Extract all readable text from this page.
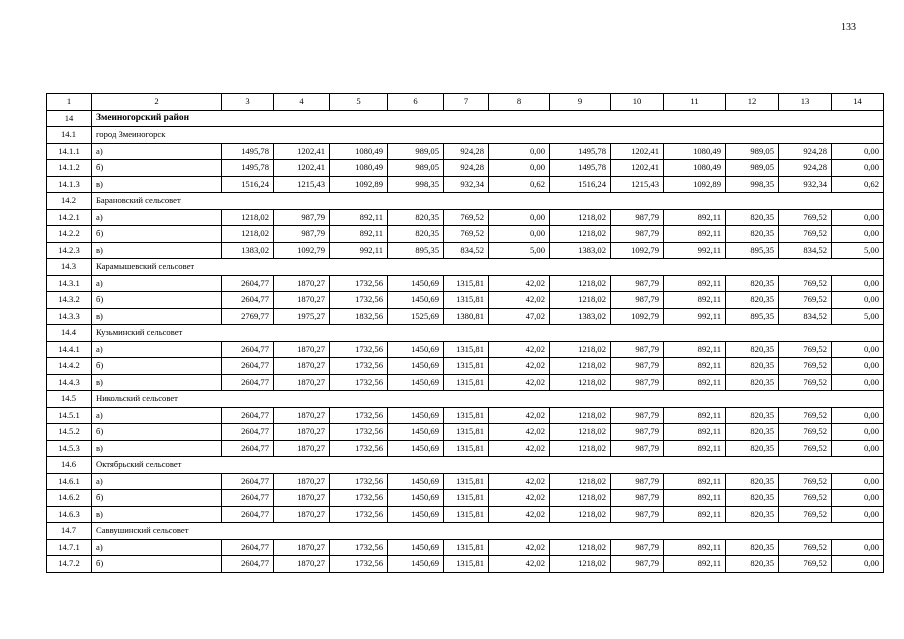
133
1	2	3	4	5	6	7	8	9	10	11	12	13	14
14	Змеиногорский район												
14.1	город Змеиногорск												
14.1.1	а)	1495,78	1202,41	1080,49	989,05	924,28	0,00	1495,78	1202,41	1080,49	989,05	924,28	0,00
14.1.2	б)	1495,78	1202,41	1080,49	989,05	924,28	0,00	1495,78	1202,41	1080,49	989,05	924,28	0,00
14.1.3	в)	1516,24	1215,43	1092,89	998,35	932,34	0,62	1516,24	1215,43	1092,89	998,35	932,34	0,62
14.2	Барановский сельсовет												
14.2.1	а)	1218,02	987,79	892,11	820,35	769,52	0,00	1218,02	987,79	892,11	820,35	769,52	0,00
14.2.2	б)	1218,02	987,79	892,11	820,35	769,52	0,00	1218,02	987,79	892,11	820,35	769,52	0,00
14.2.3	в)	1383,02	1092,79	992,11	895,35	834,52	5,00	1383,02	1092,79	992,11	895,35	834,52	5,00
14.3	Карамышевский сельсовет												
14.3.1	а)	2604,77	1870,27	1732,56	1450,69	1315,81	42,02	1218,02	987,79	892,11	820,35	769,52	0,00
14.3.2	б)	2604,77	1870,27	1732,56	1450,69	1315,81	42,02	1218,02	987,79	892,11	820,35	769,52	0,00
14.3.3	в)	2769,77	1975,27	1832,56	1525,69	1380,81	47,02	1383,02	1092,79	992,11	895,35	834,52	5,00
14.4	Кузьминский сельсовет												
14.4.1	а)	2604,77	1870,27	1732,56	1450,69	1315,81	42,02	1218,02	987,79	892,11	820,35	769,52	0,00
14.4.2	б)	2604,77	1870,27	1732,56	1450,69	1315,81	42,02	1218,02	987,79	892,11	820,35	769,52	0,00
14.4.3	в)	2604,77	1870,27	1732,56	1450,69	1315,81	42,02	1218,02	987,79	892,11	820,35	769,52	0,00
14.5	Никольский сельсовет												
14.5.1	а)	2604,77	1870,27	1732,56	1450,69	1315,81	42,02	1218,02	987,79	892,11	820,35	769,52	0,00
14.5.2	б)	2604,77	1870,27	1732,56	1450,69	1315,81	42,02	1218,02	987,79	892,11	820,35	769,52	0,00
14.5.3	в)	2604,77	1870,27	1732,56	1450,69	1315,81	42,02	1218,02	987,79	892,11	820,35	769,52	0,00
14.6	Октябрьский сельсовет												
14.6.1	а)	2604,77	1870,27	1732,56	1450,69	1315,81	42,02	1218,02	987,79	892,11	820,35	769,52	0,00
14.6.2	б)	2604,77	1870,27	1732,56	1450,69	1315,81	42,02	1218,02	987,79	892,11	820,35	769,52	0,00
14.6.3	в)	2604,77	1870,27	1732,56	1450,69	1315,81	42,02	1218,02	987,79	892,11	820,35	769,52	0,00
14.7	Саввушинский сельсовет												
14.7.1	а)	2604,77	1870,27	1732,56	1450,69	1315,81	42,02	1218,02	987,79	892,11	820,35	769,52	0,00
14.7.2	б)	2604,77	1870,27	1732,56	1450,69	1315,81	42,02	1218,02	987,79	892,11	820,35	769,52	0,00
